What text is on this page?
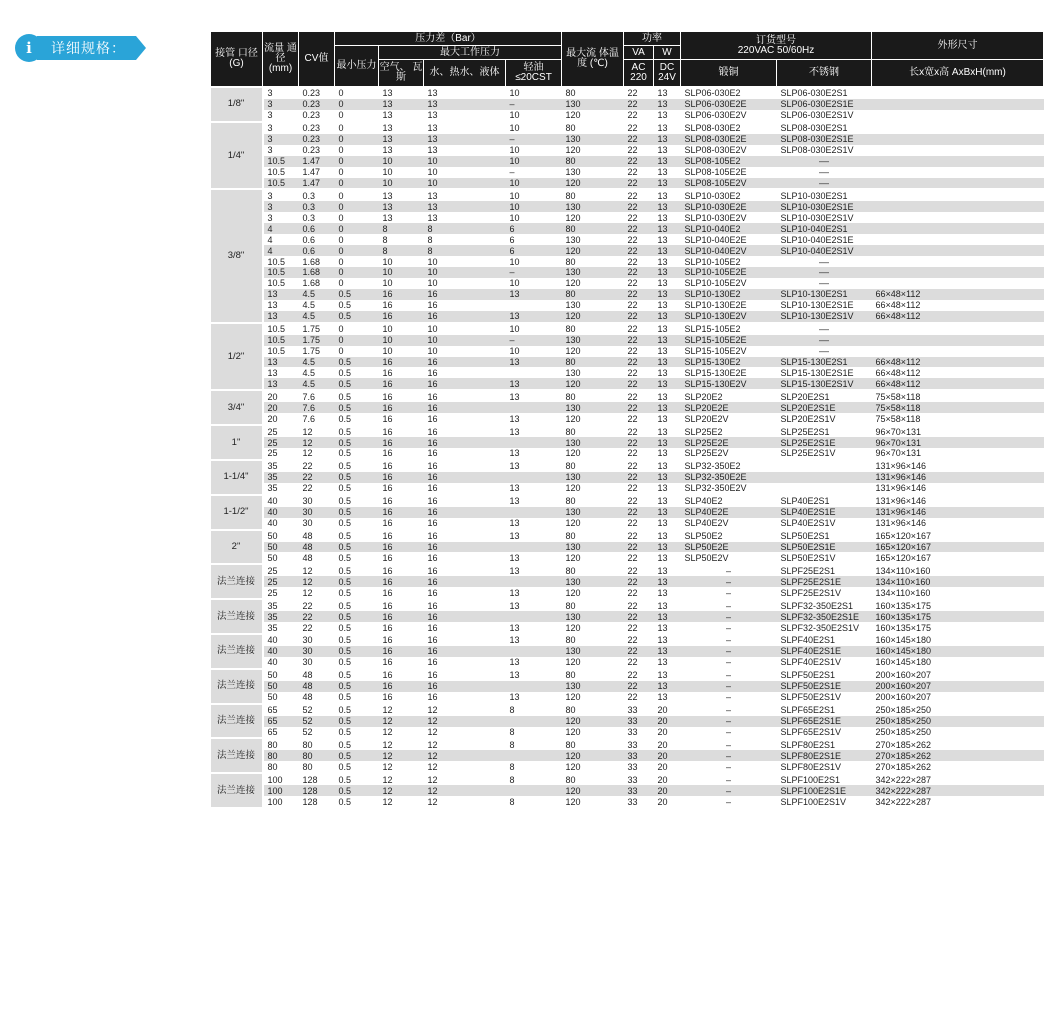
i	详细规格：	接管 口径 (G)	流量 通径 (mm)	CV值	压力差（Bar）				最大流 体温度 (℃)	功率		订货型号
220VAC 50/60Hz		外形尺寸
			最小压力	最大工作压力				VA	W			
				空气、 瓦斯	水、热水、液体	轻油 ≤20CST		AC 220	DC 24V	锻铜	不锈钢	长x宽x高 AxBxH(mm)
1/8"	3	0.23	0	13	13	10	80	22	13	SLP06-030E2	SLP06-030E2S1	
	3	0.23	0	13	13	–	130	22	13	SLP06-030E2E	SLP06-030E2S1E	
	3	0.23	0	13	13	10	120	22	13	SLP06-030E2V	SLP06-030E2S1V	
1/4"	3	0.23	0	13	13	10	80	22	13	SLP08-030E2	SLP08-030E2S1	
	3	0.23	0	13	13	–	130	22	13	SLP08-030E2E	SLP08-030E2S1E	
	3	0.23	0	13	13	10	120	22	13	SLP08-030E2V	SLP08-030E2S1V	
	10.5	1.47	0	10	10	10	80	22	13	SLP08-105E2	––	
	10.5	1.47	0	10	10	–	130	22	13	SLP08-105E2E	––	
	10.5	1.47	0	10	10	10	120	22	13	SLP08-105E2V	––	
3/8"	3	0.3	0	13	13	10	80	22	13	SLP10-030E2	SLP10-030E2S1	
	3	0.3	0	13	13	10	130	22	13	SLP10-030E2E	SLP10-030E2S1E	
	3	0.3	0	13	13	10	120	22	13	SLP10-030E2V	SLP10-030E2S1V	
	4	0.6	0	8	8	6	80	22	13	SLP10-040E2	SLP10-040E2S1	
	4	0.6	0	8	8	6	130	22	13	SLP10-040E2E	SLP10-040E2S1E	
	4	0.6	0	8	8	6	120	22	13	SLP10-040E2V	SLP10-040E2S1V	
	10.5	1.68	0	10	10	10	80	22	13	SLP10-105E2	––	
	10.5	1.68	0	10	10	–	130	22	13	SLP10-105E2E	––	
	10.5	1.68	0	10	10	10	120	22	13	SLP10-105E2V	––	
	13	4.5	0.5	16	16	13	80	22	13	SLP10-130E2	SLP10-130E2S1	66×48×112
	13	4.5	0.5	16	16		130	22	13	SLP10-130E2E	SLP10-130E2S1E	66×48×112
	13	4.5	0.5	16	16	13	120	22	13	SLP10-130E2V	SLP10-130E2S1V	66×48×112
1/2"	10.5	1.75	0	10	10	10	80	22	13	SLP15-105E2	––	
	10.5	1.75	0	10	10	–	130	22	13	SLP15-105E2E	––	
	10.5	1.75	0	10	10	10	120	22	13	SLP15-105E2V	––	
	13	4.5	0.5	16	16	13	80	22	13	SLP15-130E2	SLP15-130E2S1	66×48×112
	13	4.5	0.5	16	16		130	22	13	SLP15-130E2E	SLP15-130E2S1E	66×48×112
	13	4.5	0.5	16	16	13	120	22	13	SLP15-130E2V	SLP15-130E2S1V	66×48×112
3/4"	20	7.6	0.5	16	16	13	80	22	13	SLP20E2	SLP20E2S1	75×58×118
	20	7.6	0.5	16	16		130	22	13	SLP20E2E	SLP20E2S1E	75×58×118
	20	7.6	0.5	16	16	13	120	22	13	SLP20E2V	SLP20E2S1V	75×58×118
1"	25	12	0.5	16	16	13	80	22	13	SLP25E2	SLP25E2S1	96×70×131
	25	12	0.5	16	16		130	22	13	SLP25E2E	SLP25E2S1E	96×70×131
	25	12	0.5	16	16	13	120	22	13	SLP25E2V	SLP25E2S1V	96×70×131
1-1/4"	35	22	0.5	16	16	13	80	22	13	SLP32-350E2		131×96×146
	35	22	0.5	16	16		130	22	13	SLP32-350E2E		131×96×146
	35	22	0.5	16	16	13	120	22	13	SLP32-350E2V		131×96×146
1-1/2"	40	30	0.5	16	16	13	80	22	13	SLP40E2	SLP40E2S1	131×96×146
	40	30	0.5	16	16		130	22	13	SLP40E2E	SLP40E2S1E	131×96×146
	40	30	0.5	16	16	13	120	22	13	SLP40E2V	SLP40E2S1V	131×96×146
2"	50	48	0.5	16	16	13	80	22	13	SLP50E2	SLP50E2S1	165×120×167
	50	48	0.5	16	16		130	22	13	SLP50E2E	SLP50E2S1E	165×120×167
	50	48	0.5	16	16	13	120	22	13	SLP50E2V	SLP50E2S1V	165×120×167
法兰连接	25	12	0.5	16	16	13	80	22	13	–	SLPF25E2S1	134×110×160
	25	12	0.5	16	16		130	22	13	–	SLPF25E2S1E	134×110×160
	25	12	0.5	16	16	13	120	22	13	–	SLPF25E2S1V	134×110×160
法兰连接	35	22	0.5	16	16	13	80	22	13	–	SLPF32-350E2S1	160×135×175
	35	22	0.5	16	16		130	22	13	–	SLPF32-350E2S1E	160×135×175
	35	22	0.5	16	16	13	120	22	13	–	SLPF32-350E2S1V	160×135×175
法兰连接	40	30	0.5	16	16	13	80	22	13	–	SLPF40E2S1	160×145×180
	40	30	0.5	16	16		130	22	13	–	SLPF40E2S1E	160×145×180
	40	30	0.5	16	16	13	120	22	13	–	SLPF40E2S1V	160×145×180
法兰连接	50	48	0.5	16	16	13	80	22	13	–	SLPF50E2S1	200×160×207
	50	48	0.5	16	16		130	22	13	–	SLPF50E2S1E	200×160×207
	50	48	0.5	16	16	13	120	22	13	–	SLPF50E2S1V	200×160×207
法兰连接	65	52	0.5	12	12	8	80	33	20	–	SLPF65E2S1	250×185×250
	65	52	0.5	12	12		120	33	20	–	SLPF65E2S1E	250×185×250
	65	52	0.5	12	12	8	120	33	20	–	SLPF65E2S1V	250×185×250
法兰连接	80	80	0.5	12	12	8	80	33	20	–	SLPF80E2S1	270×185×262
	80	80	0.5	12	12		120	33	20	–	SLPF80E2S1E	270×185×262
	80	80	0.5	12	12	8	120	33	20	–	SLPF80E2S1V	270×185×262
法兰连接	100	128	0.5	12	12	8	80	33	20	–	SLPF100E2S1	342×222×287
	100	128	0.5	12	12		120	33	20	–	SLPF100E2S1E	342×222×287
	100	128	0.5	12	12	8	120	33	20	–	SLPF100E2S1V	342×222×287
